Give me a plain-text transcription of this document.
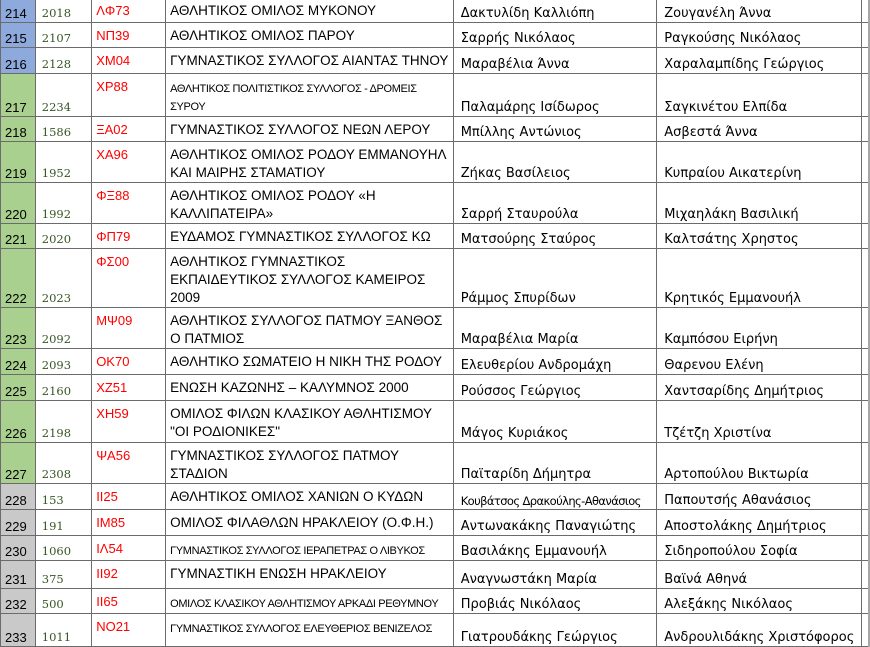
214	2018	ΛΦ73	ΑΘΛΗΤΙΚΟΣ ΟΜΙΛΟΣ ΜΥΚΟΝΟΥ	Δακτυλίδη Καλλιόπη	Ζουγανέλη Άννα	
215	2107	ΝΠ39	ΑΘΛΗΤΙΚΟΣ ΟΜΙΛΟΣ ΠΑΡΟΥ	Σαρρής Νικόλαος	Ραγκούσης Νικόλαος	
216	2128	ΧΜ04	ΓΥΜΝΑΣΤΙΚΟΣ ΣΥΛΛΟΓΟΣ ΑΙΑΝΤΑΣ ΤΗΝΟΥ	Μαραβέλια Άννα	Χαραλαμπίδης Γεώργιος	
217	2234	ΧΡ88	ΑΘΛΗΤΙΚΟΣ ΠΟΛΙΤΙΣΤΙΚΟΣ ΣΥΛΛΟΓΟΣ - ΔΡΟΜΕΙΣ ΣΥΡΟΥ	Παλαμάρης Ισίδωρος	Σαγκινέτου Ελπίδα	
218	1586	ΞΑ02	ΓΥΜΝΑΣΤΙΚΟΣ ΣΥΛΛΟΓΟΣ ΝΕΩΝ ΛΕΡΟΥ	Μπίλλης Αντώνιος	Ασβεστά Άννα	
219	1952	ΧΑ96	ΑΘΛΗΤΙΚΟΣ ΟΜΙΛΟΣ ΡΟΔΟΥ ΕΜΜΑΝΟΥΗΛ ΚΑΙ ΜΑΙΡΗΣ ΣΤΑΜΑΤΙΟΥ	Ζήκας Βασίλειος	Κυπραίου Αικατερίνη	
220	1992	ΦΞ88	ΑΘΛΗΤΙΚΟΣ ΟΜΙΛΟΣ ΡΟΔΟΥ «Η ΚΑΛΛΙΠΑΤΕΙΡΑ»	Σαρρή Σταυρούλα	Μιχαηλάκη Βασιλική	
221	2020	ΦΠ79	ΕΥΔΑΜΟΣ ΓΥΜΝΑΣΤΙΚΟΣ ΣΥΛΛΟΓΟΣ ΚΩ	Ματσούρης Σταύρος	Καλτσάτης Χρηστος	
222	2023	ΦΣ00	ΑΘΛΗΤΙΚΟΣ ΓΥΜΝΑΣΤΙΚΟΣ ΕΚΠΑΙΔΕΥΤΙΚΟΣ ΣΥΛΛΟΓΟΣ ΚΑΜΕΙΡΟΣ 2009	Ράμμος Σπυρίδων	Κρητικός Εμμανουήλ	
223	2092	ΜΨ09	ΑΘΛΗΤΙΚΟΣ ΣΥΛΛΟΓΟΣ ΠΑΤΜΟΥ ΞΑΝΘΟΣ Ο ΠΑΤΜΙΟΣ	Μαραβέλια Μαρία	Καμπόσου Ειρήνη	
224	2093	ΟΚ70	ΑΘΛΗΤΙΚΟ ΣΩΜΑΤΕΙΟ Η ΝΙΚΗ ΤΗΣ ΡΟΔΟΥ	Ελευθερίου Ανδρομάχη	Θαρενου Ελένη	
225	2160	ΧΖ51	ΕΝΩΣΗ ΚΑΖΩΝΗΣ – ΚΑΛΥΜΝΟΣ 2000	Ρούσσος Γεώργιος	Χαντσαρίδης Δημήτριος	
226	2198	ΧΗ59	ΟΜΙΛΟΣ ΦΙΛΩΝ ΚΛΑΣΙΚΟΥ ΑΘΛΗΤΙΣΜΟΥ "ΟΙ ΡΟΔΙΟΝΙΚΕΣ"	Μάγος Κυριάκος	Τζέτζη Χριστίνα	
227	2308	ΨΑ56	ΓΥΜΝΑΣΤΙΚΟΣ ΣΥΛΛΟΓΟΣ ΠΑΤΜΟΥ ΣΤΑΔΙΟΝ	Παϊταρίδη Δήμητρα	Αρτοπούλου Βικτωρία	
228	153	ΙΙ25	ΑΘΛΗΤΙΚΟΣ ΟΜΙΛΟΣ ΧΑΝΙΩΝ Ο ΚΥΔΩΝ	Κουβάτσος Δρακούλης-Αθανάσιος	Παπουτσής Αθανάσιος	
229	191	ΙΜ85	ΟΜΙΛΟΣ ΦΙΛΑΘΛΩΝ ΗΡΑΚΛΕΙΟΥ (Ο.Φ.Η.)	Αντωνακάκης Παναγιώτης	Αποστολάκης Δημήτριος	
230	1060	ΙΛ54	ΓΥΜΝΑΣΤΙΚΟΣ ΣΥΛΛΟΓΟΣ ΙΕΡΑΠΕΤΡΑΣ Ο ΛΙΒΥΚΟΣ	Βασιλάκης Εμμανουήλ	Σιδηροπούλου Σοφία	
231	375	ΙΙ92	ΓΥΜΝΑΣΤΙΚΗ ΕΝΩΣΗ ΗΡΑΚΛΕΙΟΥ	Αναγνωστάκη Μαρία	Βαϊνά Αθηνά	
232	500	ΙΙ65	ΟΜΙΛΟΣ ΚΛΑΣΙΚΟΥ ΑΘΛΗΤΙΣΜΟΥ ΑΡΚΑΔΙ ΡΕΘΥΜΝΟΥ	Προβιάς Νικόλαος	Αλεξάκης Νικόλαος	
233	1011	ΝΟ21	ΓΥΜΝΑΣΤΙΚΟΣ ΣΥΛΛΟΓΟΣ ΕΛΕΥΘΕΡΙΟΣ ΒΕΝΙΖΕΛΟΣ	Γιατρουδάκης Γεώργιος	Ανδρουλιδάκης Χριστόφορος	
